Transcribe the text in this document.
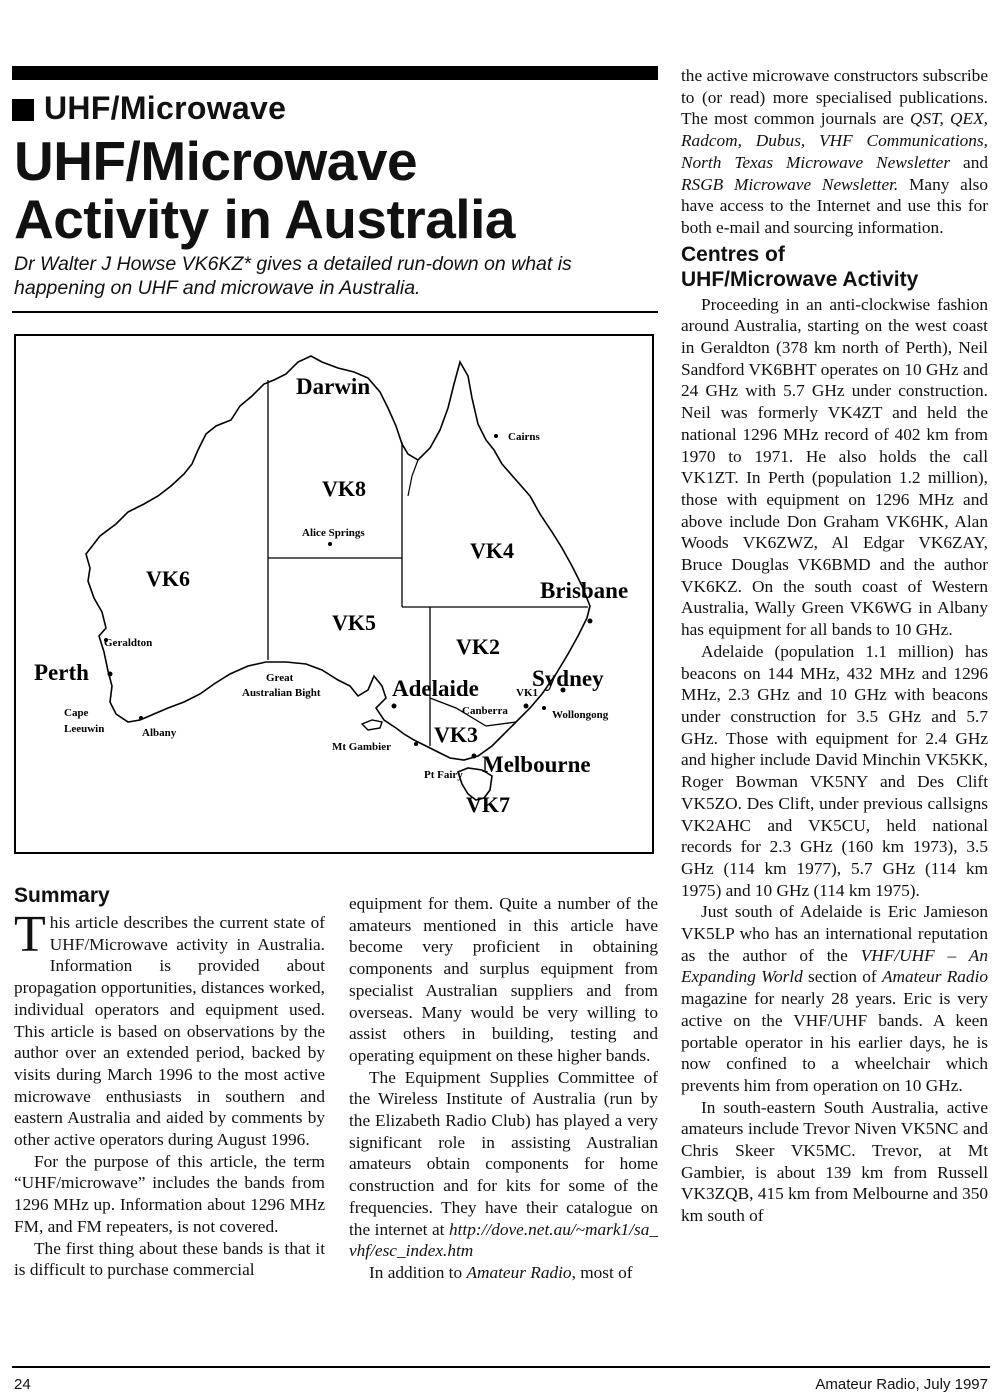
UHF/Microwave
UHF/Microwave
Activity in Australia
Dr Walter J Howse VK6KZ* gives a detailed run-down on what is
happening on UHF and microwave in Australia.
VK6
VK8
VK5
VK4
VK2
VK3
VK7
Darwin
Perth
Adelaide
Brisbane
Sydney
Melbourne
Cairns
Alice Springs
Geraldton
Great
Australian Bight
Cape
Leeuwin	Albany
Canberra
VK1
Wollongong
Mt Gambier
Pt Fairy
Summary

This article describes the current state of UHF/Microwave activity in Australia. Information is provided about propagation opportunities, distances worked, individual operators and equipment used. This article is based on observations by the author over an extended period, backed by visits during March 1996 to the most active microwave enthusiasts in southern and eastern Australia and aided by comments by other active operators during August 1996.

For the purpose of this article, the term “UHF/microwave” includes the bands from 1296 MHz up. Information about 1296 MHz FM, and FM repeaters, is not covered.

The first thing about these bands is that it is difficult to purchase commercial

equipment for them. Quite a number of the amateurs mentioned in this article have become very proficient in obtaining components and surplus equipment from specialist Australian suppliers and from overseas. Many would be very willing to assist others in building, testing and operating equipment on these higher bands.

The Equipment Supplies Committee of the Wireless Institute of Australia (run by the Elizabeth Radio Club) has played a very significant role in assisting Australian amateurs obtain components for home construction and for kits for some of the frequencies. They have their catalogue on the internet at http://dove.net.au/~mark1/sa_vhf/esc_index.htm

In addition to Amateur Radio, most of

the active microwave constructors subscribe to (or read) more specialised publications. The most common journals are QST, QEX, Radcom, Dubus, VHF Communications, North Texas Microwave Newsletter and RSGB Microwave Newsletter. Many also have access to the Internet and use this for both e-mail and sourcing information.

Centres of
UHF/Microwave Activity

Proceeding in an anti-clockwise fashion around Australia, starting on the west coast in Geraldton (378 km north of Perth), Neil Sandford VK6BHT operates on 10 GHz and 24 GHz with 5.7 GHz under construction. Neil was formerly VK4ZT and held the national 1296 MHz record of 402 km from 1970 to 1971. He also holds the call VK1ZT. In Perth (population 1.2 million), those with equipment on 1296 MHz and above include Don Graham VK6HK, Alan Woods VK6ZWZ, Al Edgar VK6ZAY, Bruce Douglas VK6BMD and the author VK6KZ. On the south coast of Western Australia, Wally Green VK6WG in Albany has equipment for all bands to 10 GHz.

Adelaide (population 1.1 million) has beacons on 144 MHz, 432 MHz and 1296 MHz, 2.3 GHz and 10 GHz with beacons under construction for 3.5 GHz and 5.7 GHz. Those with equipment for 2.4 GHz and higher include David Minchin VK5KK, Roger Bowman VK5NY and Des Clift VK5ZO. Des Clift, under previous callsigns VK2AHC and VK5CU, held national records for 2.3 GHz (160 km 1973), 3.5 GHz (114 km 1977), 5.7 GHz (114 km 1975) and 10 GHz (114 km 1975).

Just south of Adelaide is Eric Jamieson VK5LP who has an international reputation as the author of the VHF/UHF – An Expanding World section of Amateur Radio magazine for nearly 28 years. Eric is very active on the VHF/UHF bands. A keen portable operator in his earlier days, he is now confined to a wheelchair which prevents him from operation on 10 GHz.

In south-eastern South Australia, active amateurs include Trevor Niven VK5NC and Chris Skeer VK5MC. Trevor, at Mt Gambier, is about 139 km from Russell VK3ZQB, 415 km from Melbourne and 350 km south of

24	Amateur Radio, July 1997
